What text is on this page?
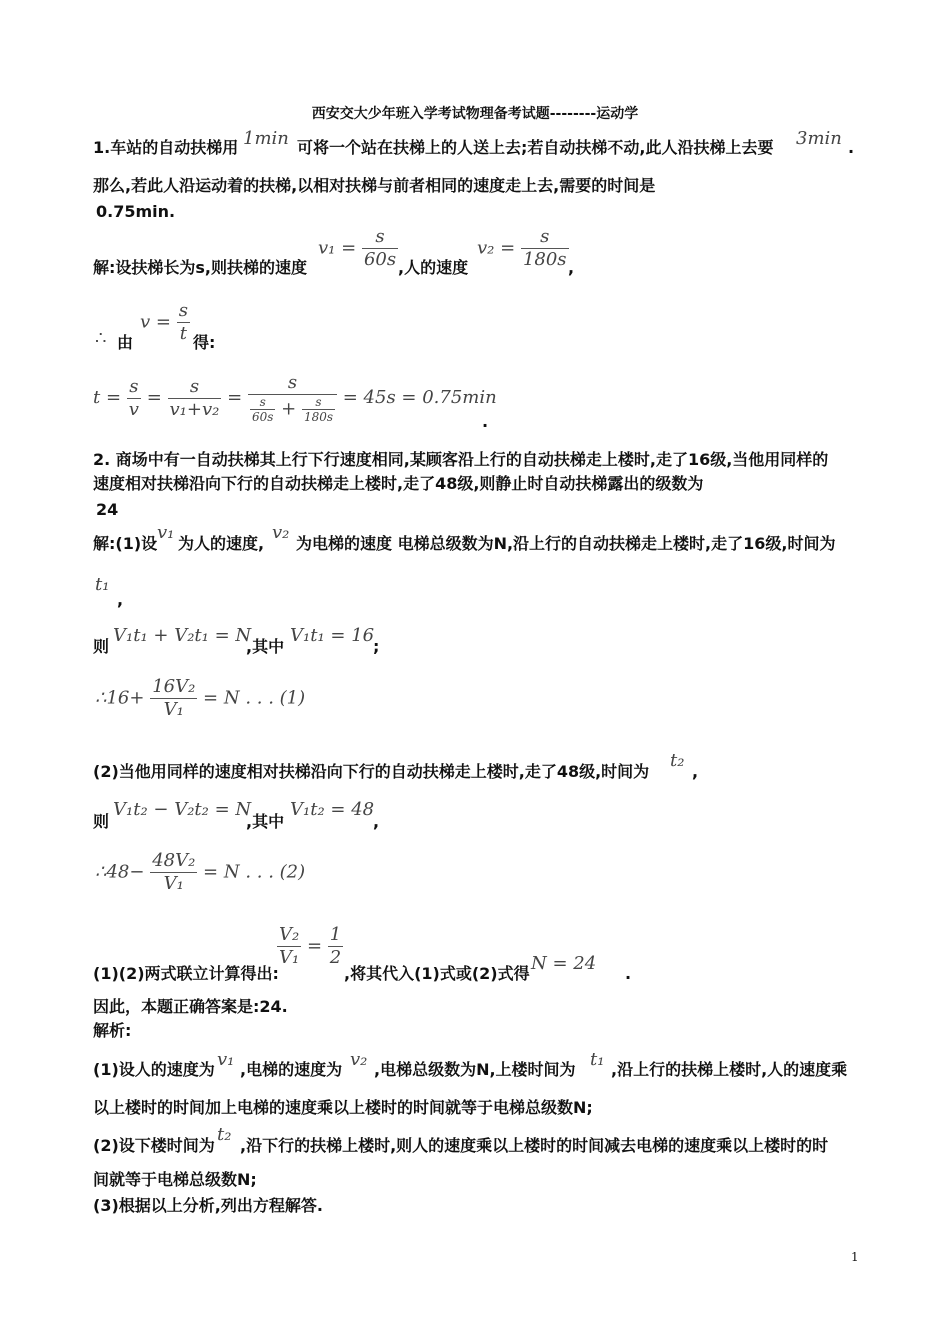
西安交大少年班入学考试物理备考试题--------运动学
1.车站的自动扶梯用 1min 可将一个站在扶梯上的人送上去;若自动扶梯不动,此人沿扶梯上去要 3min .
那么,若此人沿运动着的扶梯,以相对扶梯与前者相同的速度走上去,需要的时间是
0.75min.
解:设扶梯长为s,则扶梯的速度
$v_1 = \frac{s}{60s}$ ,人的速度
$v_2 = \frac{s}{180s}$ ,
∴ 由
$v = \frac{s}{t}$ 得:
$t = \frac{s}{v} = \frac{s}{\text{v₁+v₂}} = \frac{s}{\frac{s}{60s} + \frac{s}{180s}} = 45s = 0.75\min$
.
2. 商场中有一自动扶梯其上行下行速度相同,某顾客沿上行的自动扶梯走上楼时,走了16级,当他用同样的
速度相对扶梯沿向下行的自动扶梯走上楼时,走了48级,则静止时自动扶梯露出的级数为
24
解:(1)设
v₁
为人的速度,
v₂
为电梯的速度 电梯总级数为N,沿上行的自动扶梯走上楼时,走了16级,时间为
t₁
,
则
V₁t₁ + V₂t₁ = N
,其中
V₁t₁ = 16
;
∴16+ $\frac{\text{16V₂}}{\text{V₁}} = N$ . . . (1)
(2)当他用同样的速度相对扶梯沿向下行的自动扶梯走上楼时,走了48级,时间为
t₂
,
则
V₁t₂ − V₂t₂ = N
,其中
V₁t₂ = 48
,
∴48− $\frac{\text{48V₂}}{\text{V₁}} = N$ . . . (2)
(1)(2)两式联立计算得出:
$\frac{\text{V₂}}{\text{V₁}} = \frac{1}{2}$
,将其代入(1)式或(2)式得 N = 24 .
因此，本题正确答案是:24.
解析:
(1)设人的速度为 v₁ ,电梯的速度为 v₂ ,电梯总级数为N,上楼时间为 t₁ ,沿上行的扶梯上楼时,人的速度乘
以上楼时的时间加上电梯的速度乘以上楼时的时间就等于电梯总级数N;
(2)设下楼时间为
t₂
,沿下行的扶梯上楼时,则人的速度乘以上楼时的时间减去电梯的速度乘以上楼时的时
间就等于电梯总级数N;
(3)根据以上分析,列出方程解答.
1
